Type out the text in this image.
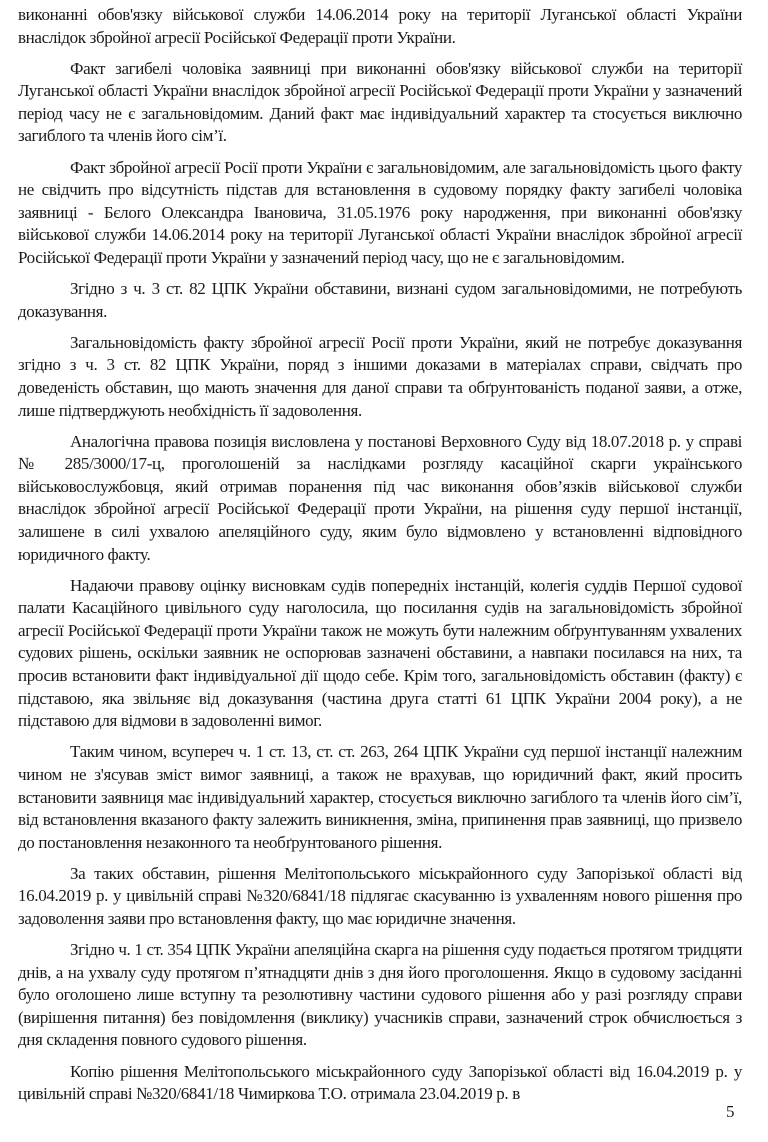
виконанні обов'язку військової служби 14.06.2014 року на території Луганської області України внаслідок збройної агресії Російської Федерації проти України.

Факт загибелі чоловіка заявниці при виконанні обов'язку військової служби на території Луганської області України внаслідок збройної агресії Російської Федерації проти України у зазначений період часу не є загальновідомим. Даний факт має індивідуальний характер та стосується виключно загиблого та членів його сім’ї.

Факт збройної агресії Росії проти України є загальновідомим, але загальновідомість цього факту не свідчить про відсутність підстав для встановлення в судовому порядку факту загибелі чоловіка заявниці - Бєлого Олександра Івановича, 31.05.1976 року народження, при виконанні обов'язку військової служби 14.06.2014 року на території Луганської області України внаслідок збройної агресії Російської Федерації проти України у зазначений період часу, що не є загальновідомим.

Згідно з ч. 3 ст. 82 ЦПК України обставини, визнані судом загальновідомими, не потребують доказування.

Загальновідомість факту збройної агресії Росії проти України, який не потребує доказування згідно з ч. 3 ст. 82 ЦПК України, поряд з іншими доказами в матеріалах справи, свідчать про доведеність обставин, що мають значення для даної справи та обґрунтованість поданої заяви, а отже, лише підтверджують необхідність її задоволення.

Аналогічна правова позиція висловлена у постанові Верховного Суду від 18.07.2018 р. у справі № 285/3000/17-ц, проголошеній за наслідками розгляду касаційної скарги українського військовослужбовця, який отримав поранення під час виконання обов’язків військової служби внаслідок збройної агресії Російської Федерації проти України, на рішення суду першої інстанції, залишене в силі ухвалою апеляційного суду, яким було відмовлено у встановленні відповідного юридичного факту.

Надаючи правову оцінку висновкам судів попередніх інстанцій, колегія суддів Першої судової палати Касаційного цивільного суду наголосила, що посилання судів на загальновідомість збройної агресії Російської Федерації проти України також не можуть бути належним обґрунтуванням ухвалених судових рішень, оскільки заявник не оспорював зазначені обставини, а навпаки посилався на них, та просив встановити факт індивідуальної дії щодо себе. Крім того, загальновідомість обставин (факту) є підставою, яка звільняє від доказування (частина друга статті 61 ЦПК України 2004 року), а не підставою для відмови в задоволенні вимог.

Таким чином, всупереч ч. 1 ст. 13, ст. ст. 263, 264 ЦПК України суд першої інстанції належним чином не з'ясував зміст вимог заявниці, а також не врахував, що юридичний факт, який просить встановити заявниця має індивідуальний характер, стосується виключно загиблого та членів його сім’ї, від встановлення вказаного факту залежить виникнення, зміна, припинення прав заявниці, що призвело до постановлення незаконного та необґрунтованого рішення.

За таких обставин, рішення Мелітопольського міськрайонного суду Запорізької області від 16.04.2019 р. у цивільній справі №320/6841/18 підлягає скасуванню із ухваленням нового рішення про задоволення заяви про встановлення факту, що має юридичне значення.

Згідно ч. 1 ст. 354 ЦПК України апеляційна скарга на рішення суду подається протягом тридцяти днів, а на ухвалу суду протягом п’ятнадцяти днів з дня його проголошення. Якщо в судовому засіданні було оголошено лише вступну та резолютивну частини судового рішення або у разі розгляду справи (вирішення питання) без повідомлення (виклику) учасників справи, зазначений строк обчислюється з дня складення повного судового рішення.

Копію рішення Мелітопольського міськрайонного суду Запорізької області від 16.04.2019 р. у цивільній справі №320/6841/18 Чимиркова Т.О. отримала 23.04.2019 р. в

5
